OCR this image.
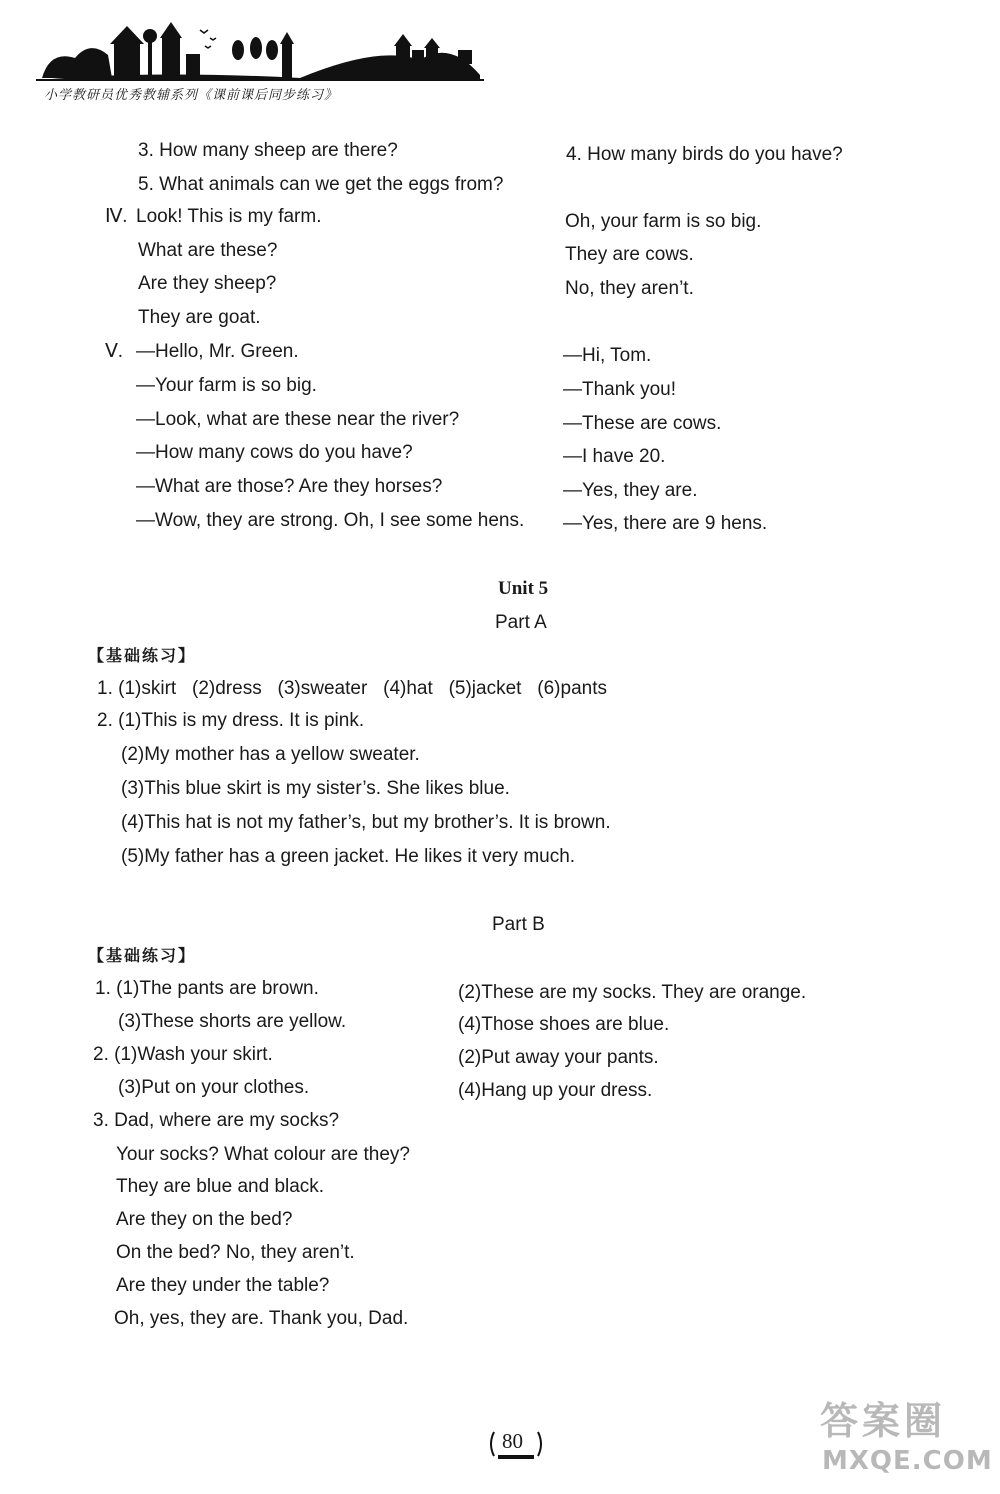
小学教研员优秀教辅系列《课前课后同步练习》
3. How many sheep are there?
5. What animals can we get the eggs from?
4. How many birds do you have?
Ⅳ. Look! This is my farm.
What are these?
Are they sheep?
They are goat.
Oh, your farm is so big.
They are cows.
No, they aren’t.
Ⅴ. —Hello, Mr. Green.
—Your farm is so big.
—Look, what are these near the river?
—How many cows do you have?
—What are those? Are they horses?
—Wow, they are strong. Oh, I see some hens.
—Hi, Tom.
—Thank you!
—These are cows.
—I have 20.
—Yes, they are.
—Yes, there are 9 hens.
Unit 5
Part A
【基础练习】
1. (1)skirt   (2)dress   (3)sweater   (4)hat   (5)jacket   (6)pants
2. (1)This is my dress. It is pink.
(2)My mother has a yellow sweater.
(3)This blue skirt is my sister’s. She likes blue.
(4)This hat is not my father’s, but my brother’s. It is brown.
(5)My father has a green jacket. He likes it very much.
Part B
【基础练习】
1. (1)The pants are brown.
(3)These shorts are yellow.
(2)These are my socks. They are orange.
(4)Those shoes are blue.
2. (1)Wash your skirt.
(3)Put on your clothes.
(2)Put away your pants.
(4)Hang up your dress.
3. Dad, where are my socks?
Your socks? What colour are they?
They are blue and black.
Are they on the bed?
On the bed? No, they aren’t.
Are they under the table?
Oh, yes, they are. Thank you, Dad.
80	答案圈
MXQE.COM
